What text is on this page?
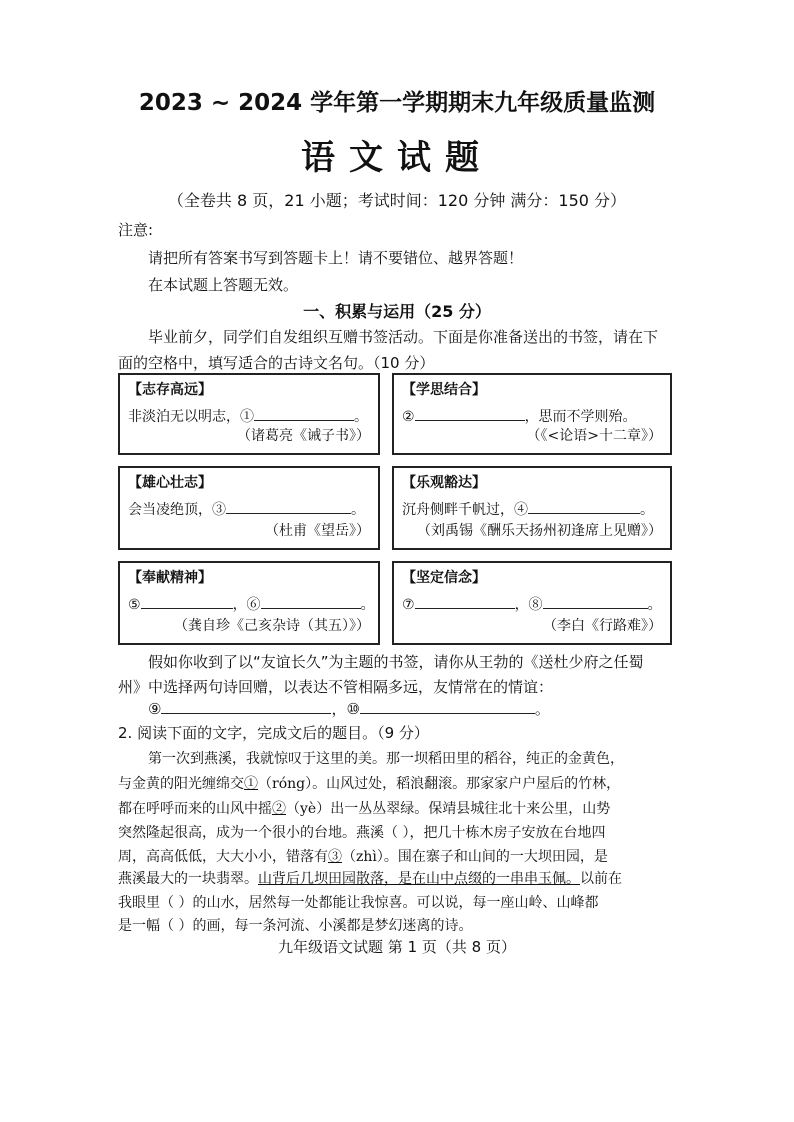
2023 ~ 2024 学年第一学期期末九年级质量监测
语文试题
（全卷共 8 页，21 小题；考试时间：120 分钟 满分：150 分）
注意:
请把所有答案书写到答题卡上！请不要错位、越界答题！
在本试题上答题无效。
一、积累与运用（25 分）
毕业前夕，同学们自发组织互赠书签活动。下面是你准备送出的书签，请在下
面的空格中，填写适合的古诗文名句。（10 分）
【志存高远】
非淡泊无以明志，①	。
（诸葛亮《诫子书》）
【学思结合】
②	，思而不学则殆。
（《<论语>十二章》）
【雄心壮志】
会当凌绝顶，③	。
（杜甫《望岳》）
【乐观豁达】
沉舟侧畔千帆过，④	。
（刘禹锡《酬乐天扬州初逢席上见赠》）
【奉献精神】
⑤	，⑥	。
（龚自珍《己亥杂诗（其五）》）
【坚定信念】
⑦	，⑧	。
（李白《行路难》）
假如你收到了以“友谊长久”为主题的书签，请你从王勃的《送杜少府之任蜀
州》中选择两句诗回赠，以表达不管相隔多远，友情常在的情谊：
⑨	，⑩	。
2. 阅读下面的文字，完成文后的题目。（9 分）
第一次到燕溪，我就惊叹于这里的美。那一坝稻田里的稻谷，纯正的金黄色，
与金黄的阳光缠绵交①（róng）。山风过处，稻浪翻滚。那家家户户屋后的竹林，
都在呼呼而来的山风中摇②（yè）出一丛丛翠绿。保靖县城往北十来公里，山势
突然隆起很高，成为一个很小的台地。燕溪（ ），把几十栋木房子安放在台地四
周，高高低低，大大小小，错落有③（zhì）。围在寨子和山间的一大坝田园，是
燕溪最大的一块翡翠。山背后几坝田园散落，是在山中点缀的一串串玉佩。以前在
我眼里（ ）的山水，居然每一处都能让我惊喜。可以说，每一座山岭、山峰都
是一幅（ ）的画，每一条河流、小溪都是梦幻迷离的诗。
九年级语文试题 第 1 页（共 8 页）
